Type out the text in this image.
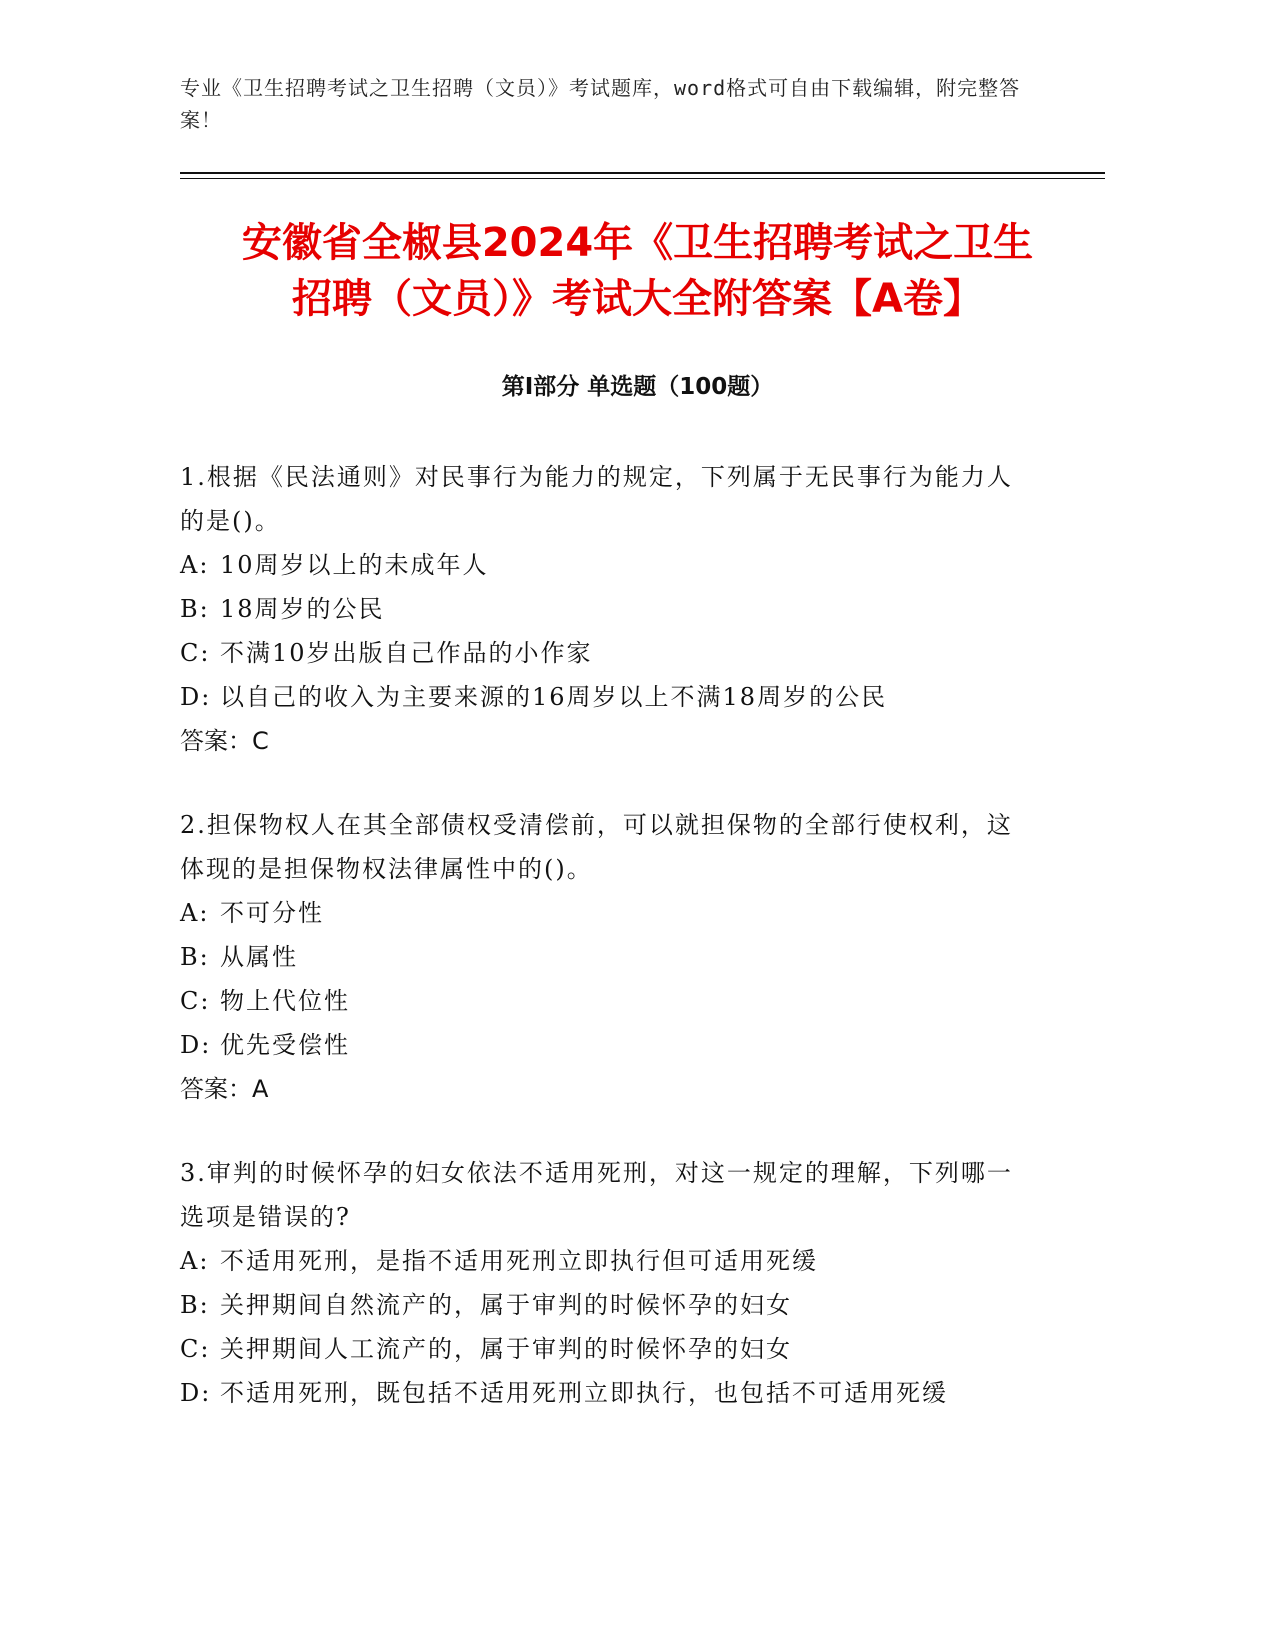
专业《卫生招聘考试之卫生招聘（文员）》考试题库，word格式可自由下载编辑，附完整答案！
安徽省全椒县2024年《卫生招聘考试之卫生
招聘（文员）》考试大全附答案【A卷】
第I部分 单选题（100题）

1.根据《民法通则》对民事行为能力的规定，下列属于无民事行为能力人的是()。

A: 10周岁以上的未成年人

B: 18周岁的公民

C: 不满10岁出版自己作品的小作家

D: 以自己的收入为主要来源的16周岁以上不满18周岁的公民

答案：C

2.担保物权人在其全部债权受清偿前，可以就担保物的全部行使权利，这体现的是担保物权法律属性中的()。

A: 不可分性

B: 从属性

C: 物上代位性

D: 优先受偿性

答案：A

3.审判的时候怀孕的妇女依法不适用死刑，对这一规定的理解，下列哪一选项是错误的?

A: 不适用死刑，是指不适用死刑立即执行但可适用死缓

B: 关押期间自然流产的，属于审判的时候怀孕的妇女

C: 关押期间人工流产的，属于审判的时候怀孕的妇女

D: 不适用死刑，既包括不适用死刑立即执行，也包括不可适用死缓
